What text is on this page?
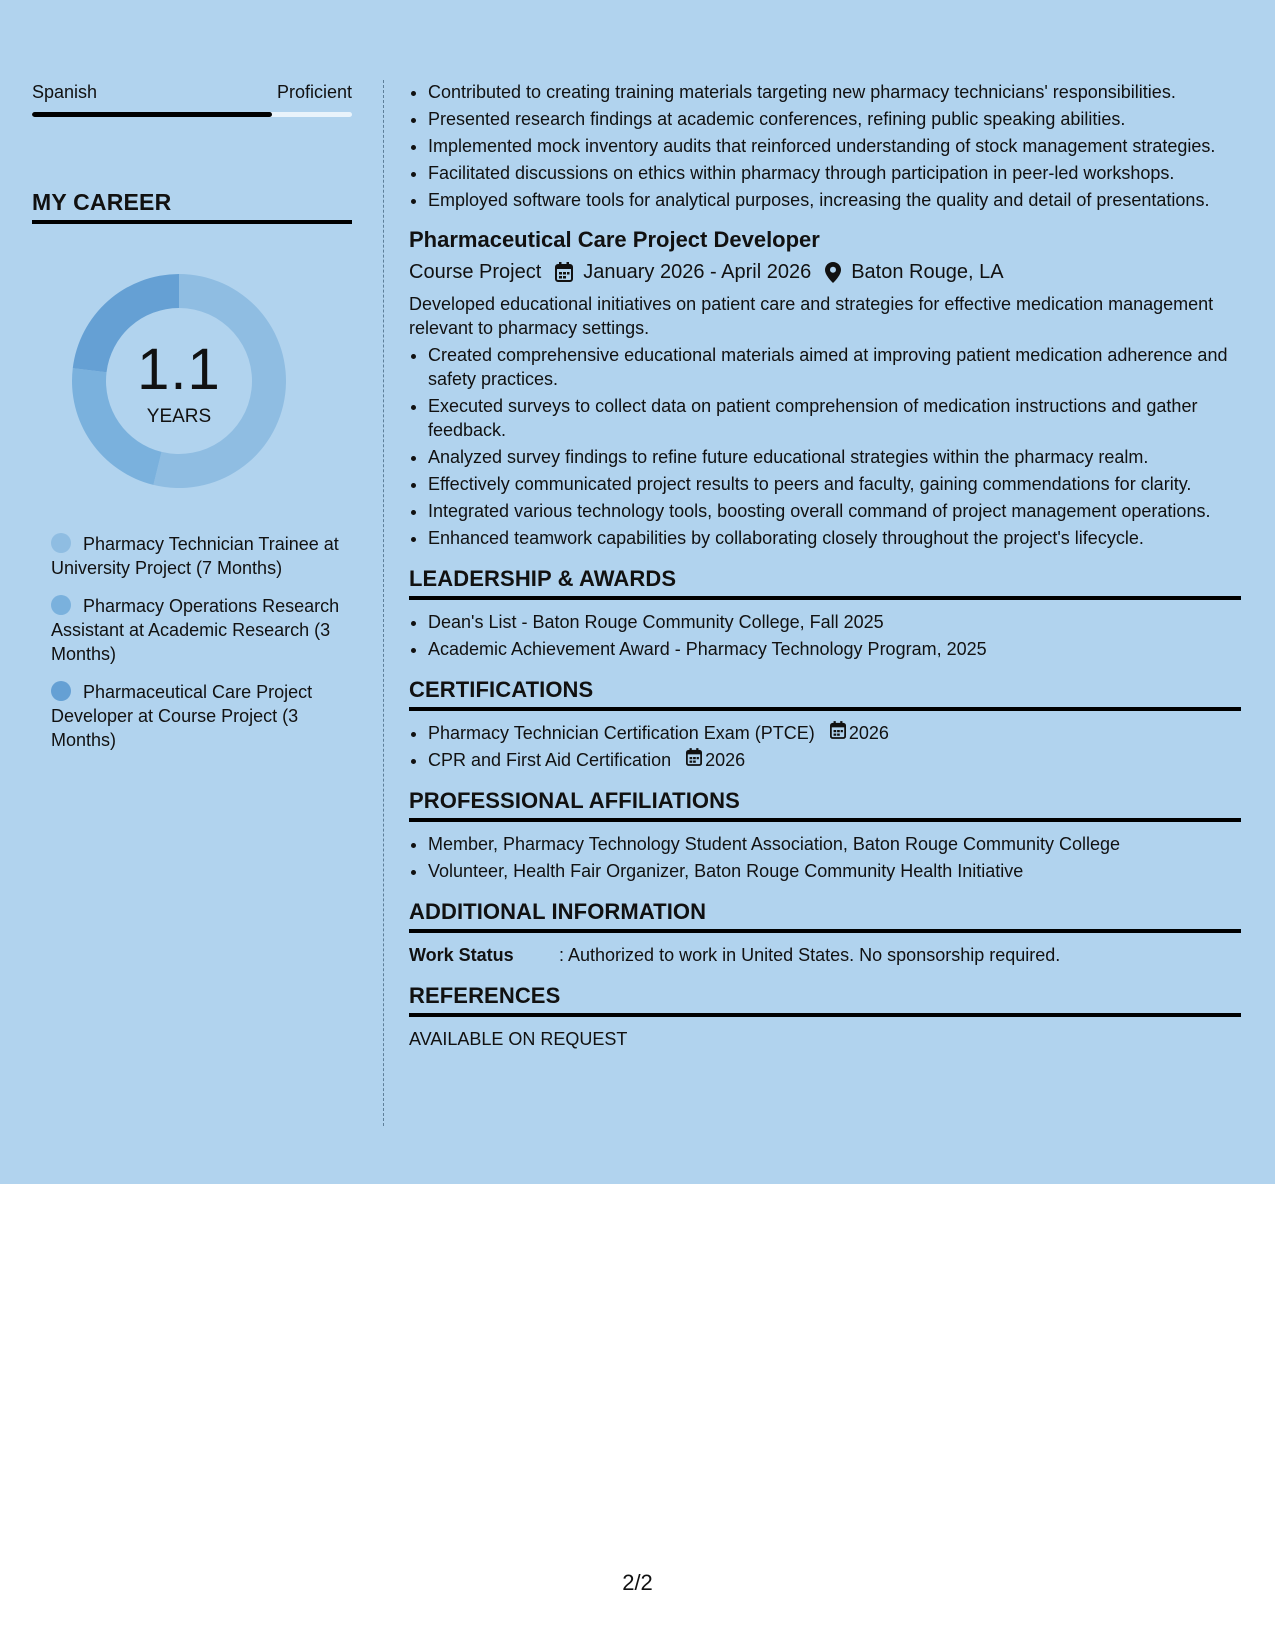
Spanish	Proficient
MY CAREER
1.1
YEARS
Pharmacy Technician Trainee at University Project (7 Months)
Pharmacy Operations Research Assistant at Academic Research (3 Months)
Pharmaceutical Care Project Developer at Course Project (3 Months)
• Contributed to creating training materials targeting new pharmacy technicians' responsibilities.
• Presented research findings at academic conferences, refining public speaking abilities.
• Implemented mock inventory audits that reinforced understanding of stock management strategies.
• Facilitated discussions on ethics within pharmacy through participation in peer-led workshops.
• Employed software tools for analytical purposes, increasing the quality and detail of presentations.
Pharmaceutical Care Project Developer
Course Project January 2026 - April 2026 Baton Rouge, LA
Developed educational initiatives on patient care and strategies for effective medication management relevant to pharmacy settings.
• Created comprehensive educational materials aimed at improving patient medication adherence and safety practices.
• Executed surveys to collect data on patient comprehension of medication instructions and gather feedback.
• Analyzed survey findings to refine future educational strategies within the pharmacy realm.
• Effectively communicated project results to peers and faculty, gaining commendations for clarity.
• Integrated various technology tools, boosting overall command of project management operations.
• Enhanced teamwork capabilities by collaborating closely throughout the project's lifecycle.
LEADERSHIP & AWARDS
• Dean's List - Baton Rouge Community College, Fall 2025
• Academic Achievement Award - Pharmacy Technology Program, 2025
CERTIFICATIONS
• Pharmacy Technician Certification Exam (PTCE) 2026
• CPR and First Aid Certification 2026
PROFESSIONAL AFFILIATIONS
• Member, Pharmacy Technology Student Association, Baton Rouge Community College
• Volunteer, Health Fair Organizer, Baton Rouge Community Health Initiative
ADDITIONAL INFORMATION
Work Status	: Authorized to work in United States. No sponsorship required.
REFERENCES
AVAILABLE ON REQUEST
2/2
